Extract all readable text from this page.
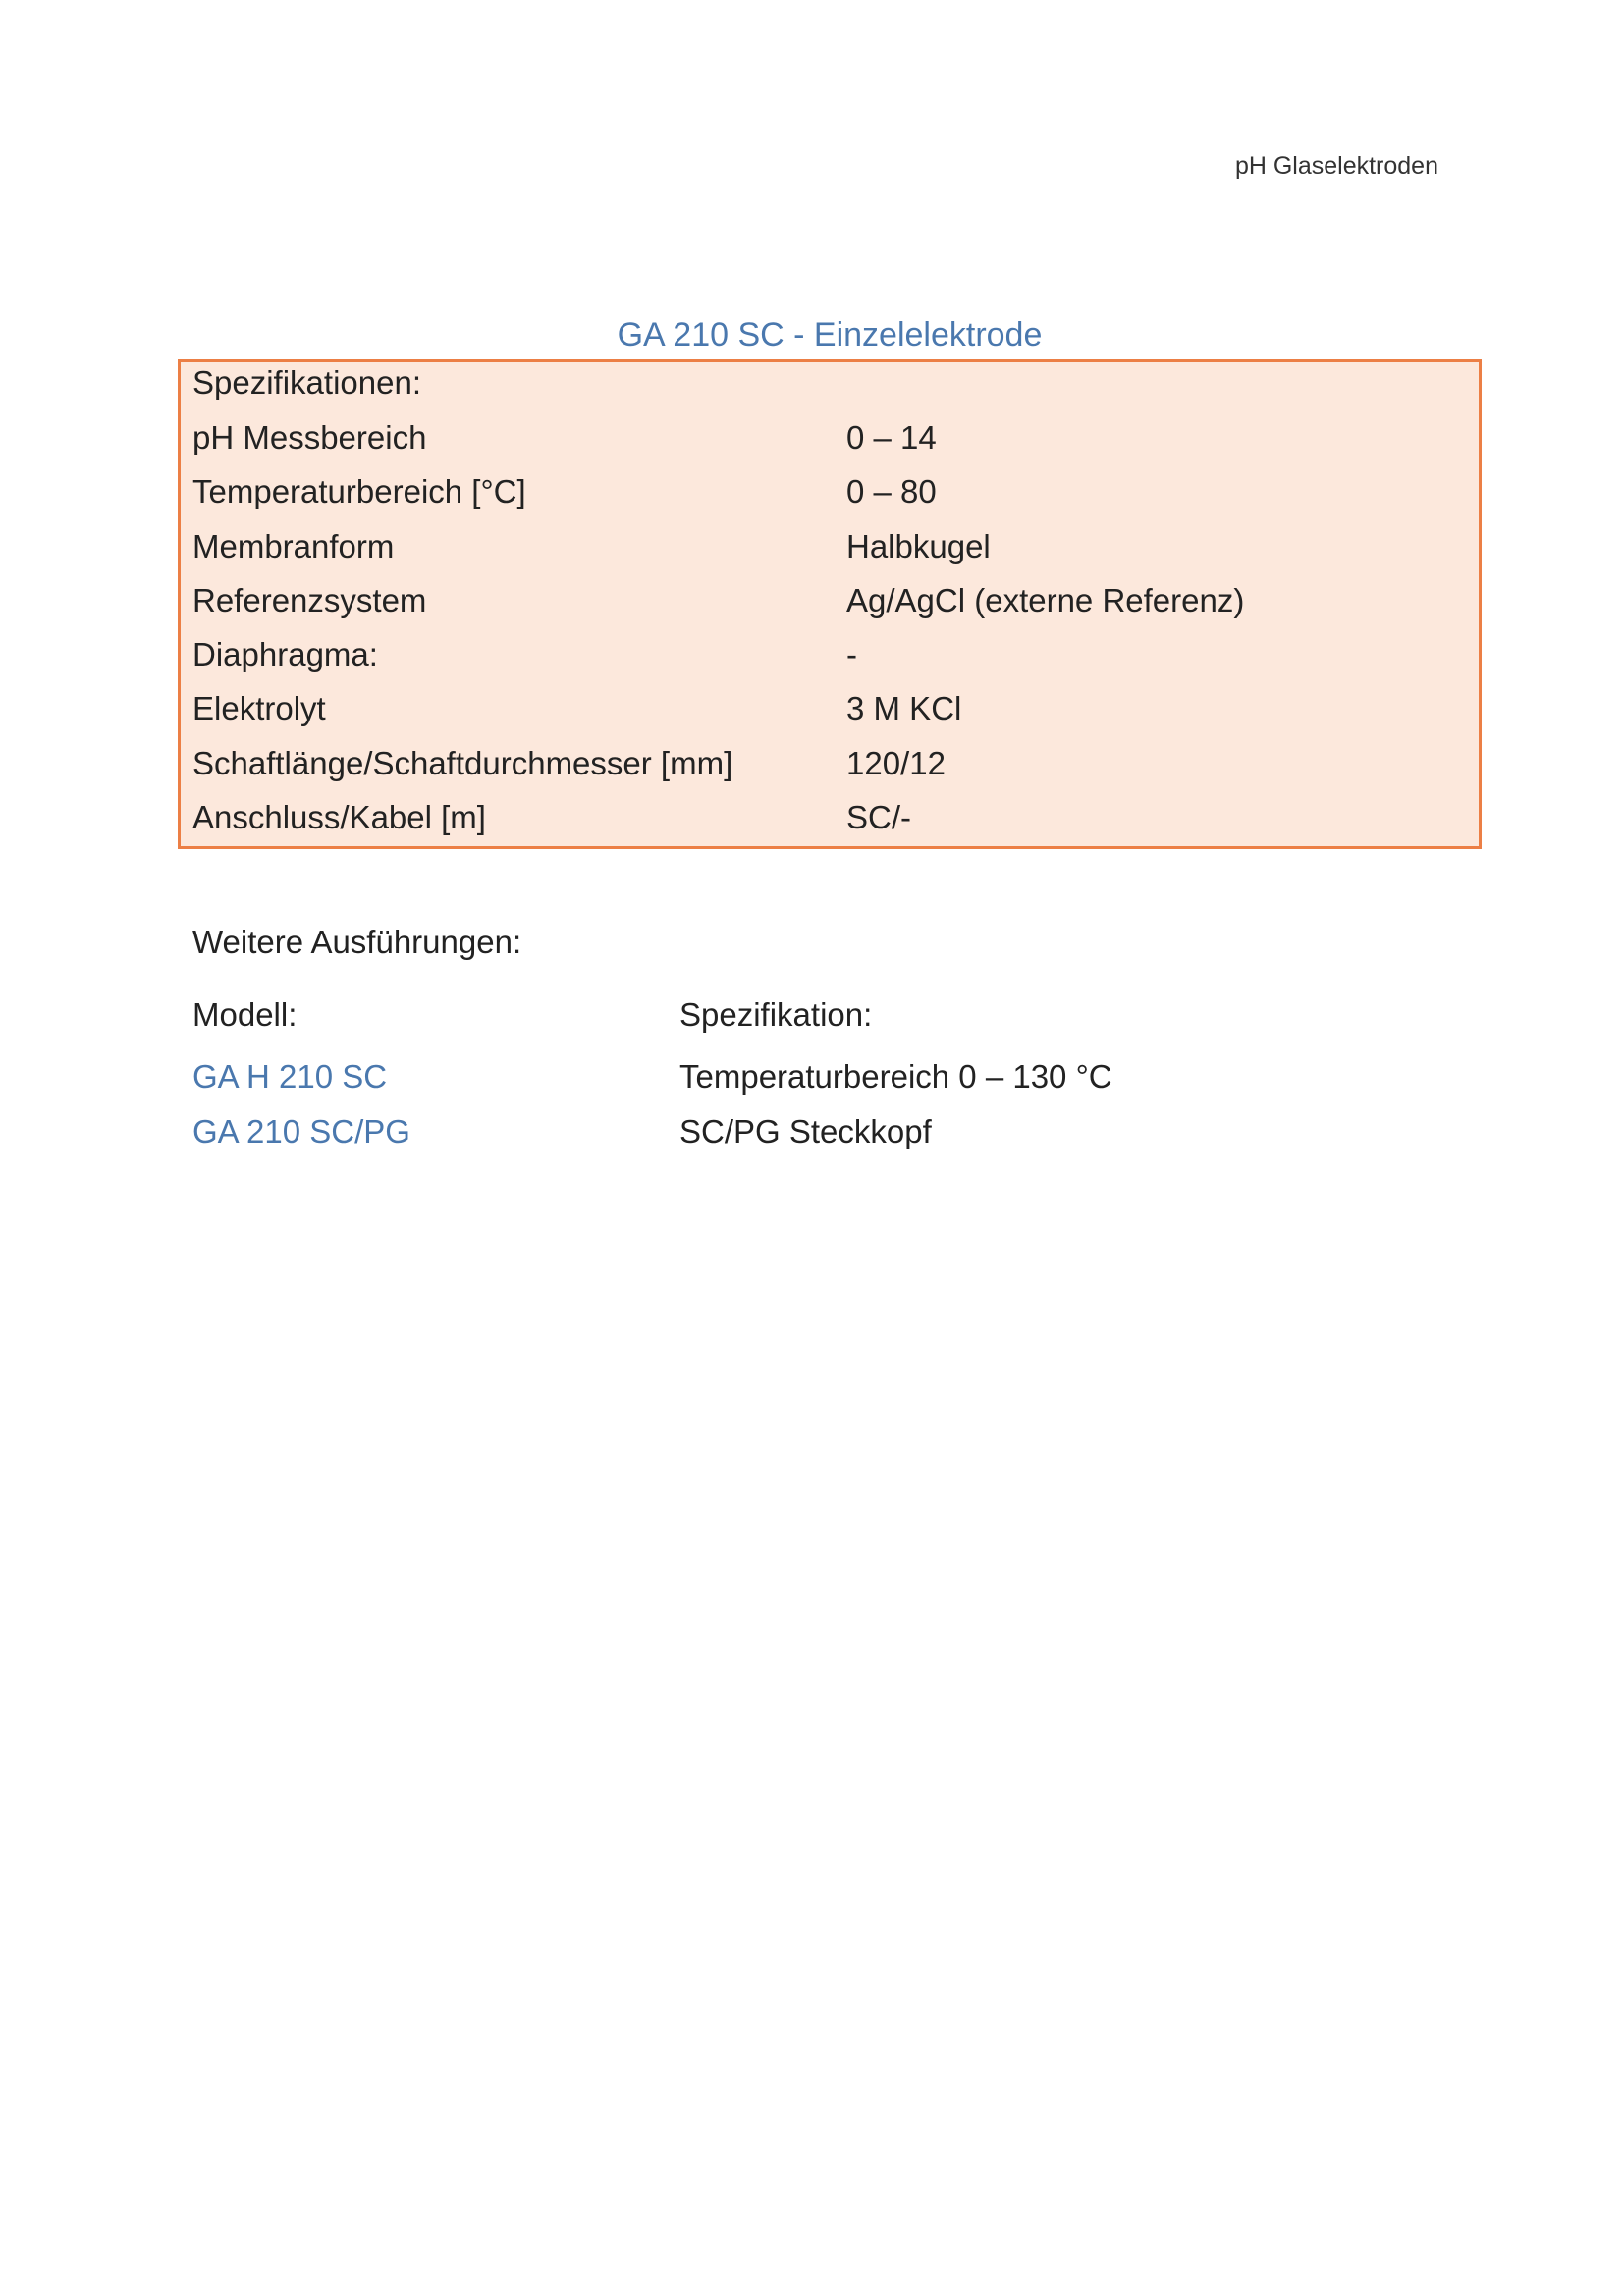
pH Glaselektroden
GA 210 SC - Einzelelektrode
Spezifikationen:
pH Messbereich	0 – 14
Temperaturbereich [°C]	0 – 80
Membranform	Halbkugel
Referenzsystem	Ag/AgCl (externe Referenz)
Diaphragma:	-
Elektrolyt	3 M KCl
Schaftlänge/Schaftdurchmesser [mm]	120/12
Anschluss/Kabel [m]	SC/-
Weitere Ausführungen:
Modell:	Spezifikation:
GA H 210 SC	Temperaturbereich 0 – 130 °C
GA 210 SC/PG	SC/PG Steckkopf
